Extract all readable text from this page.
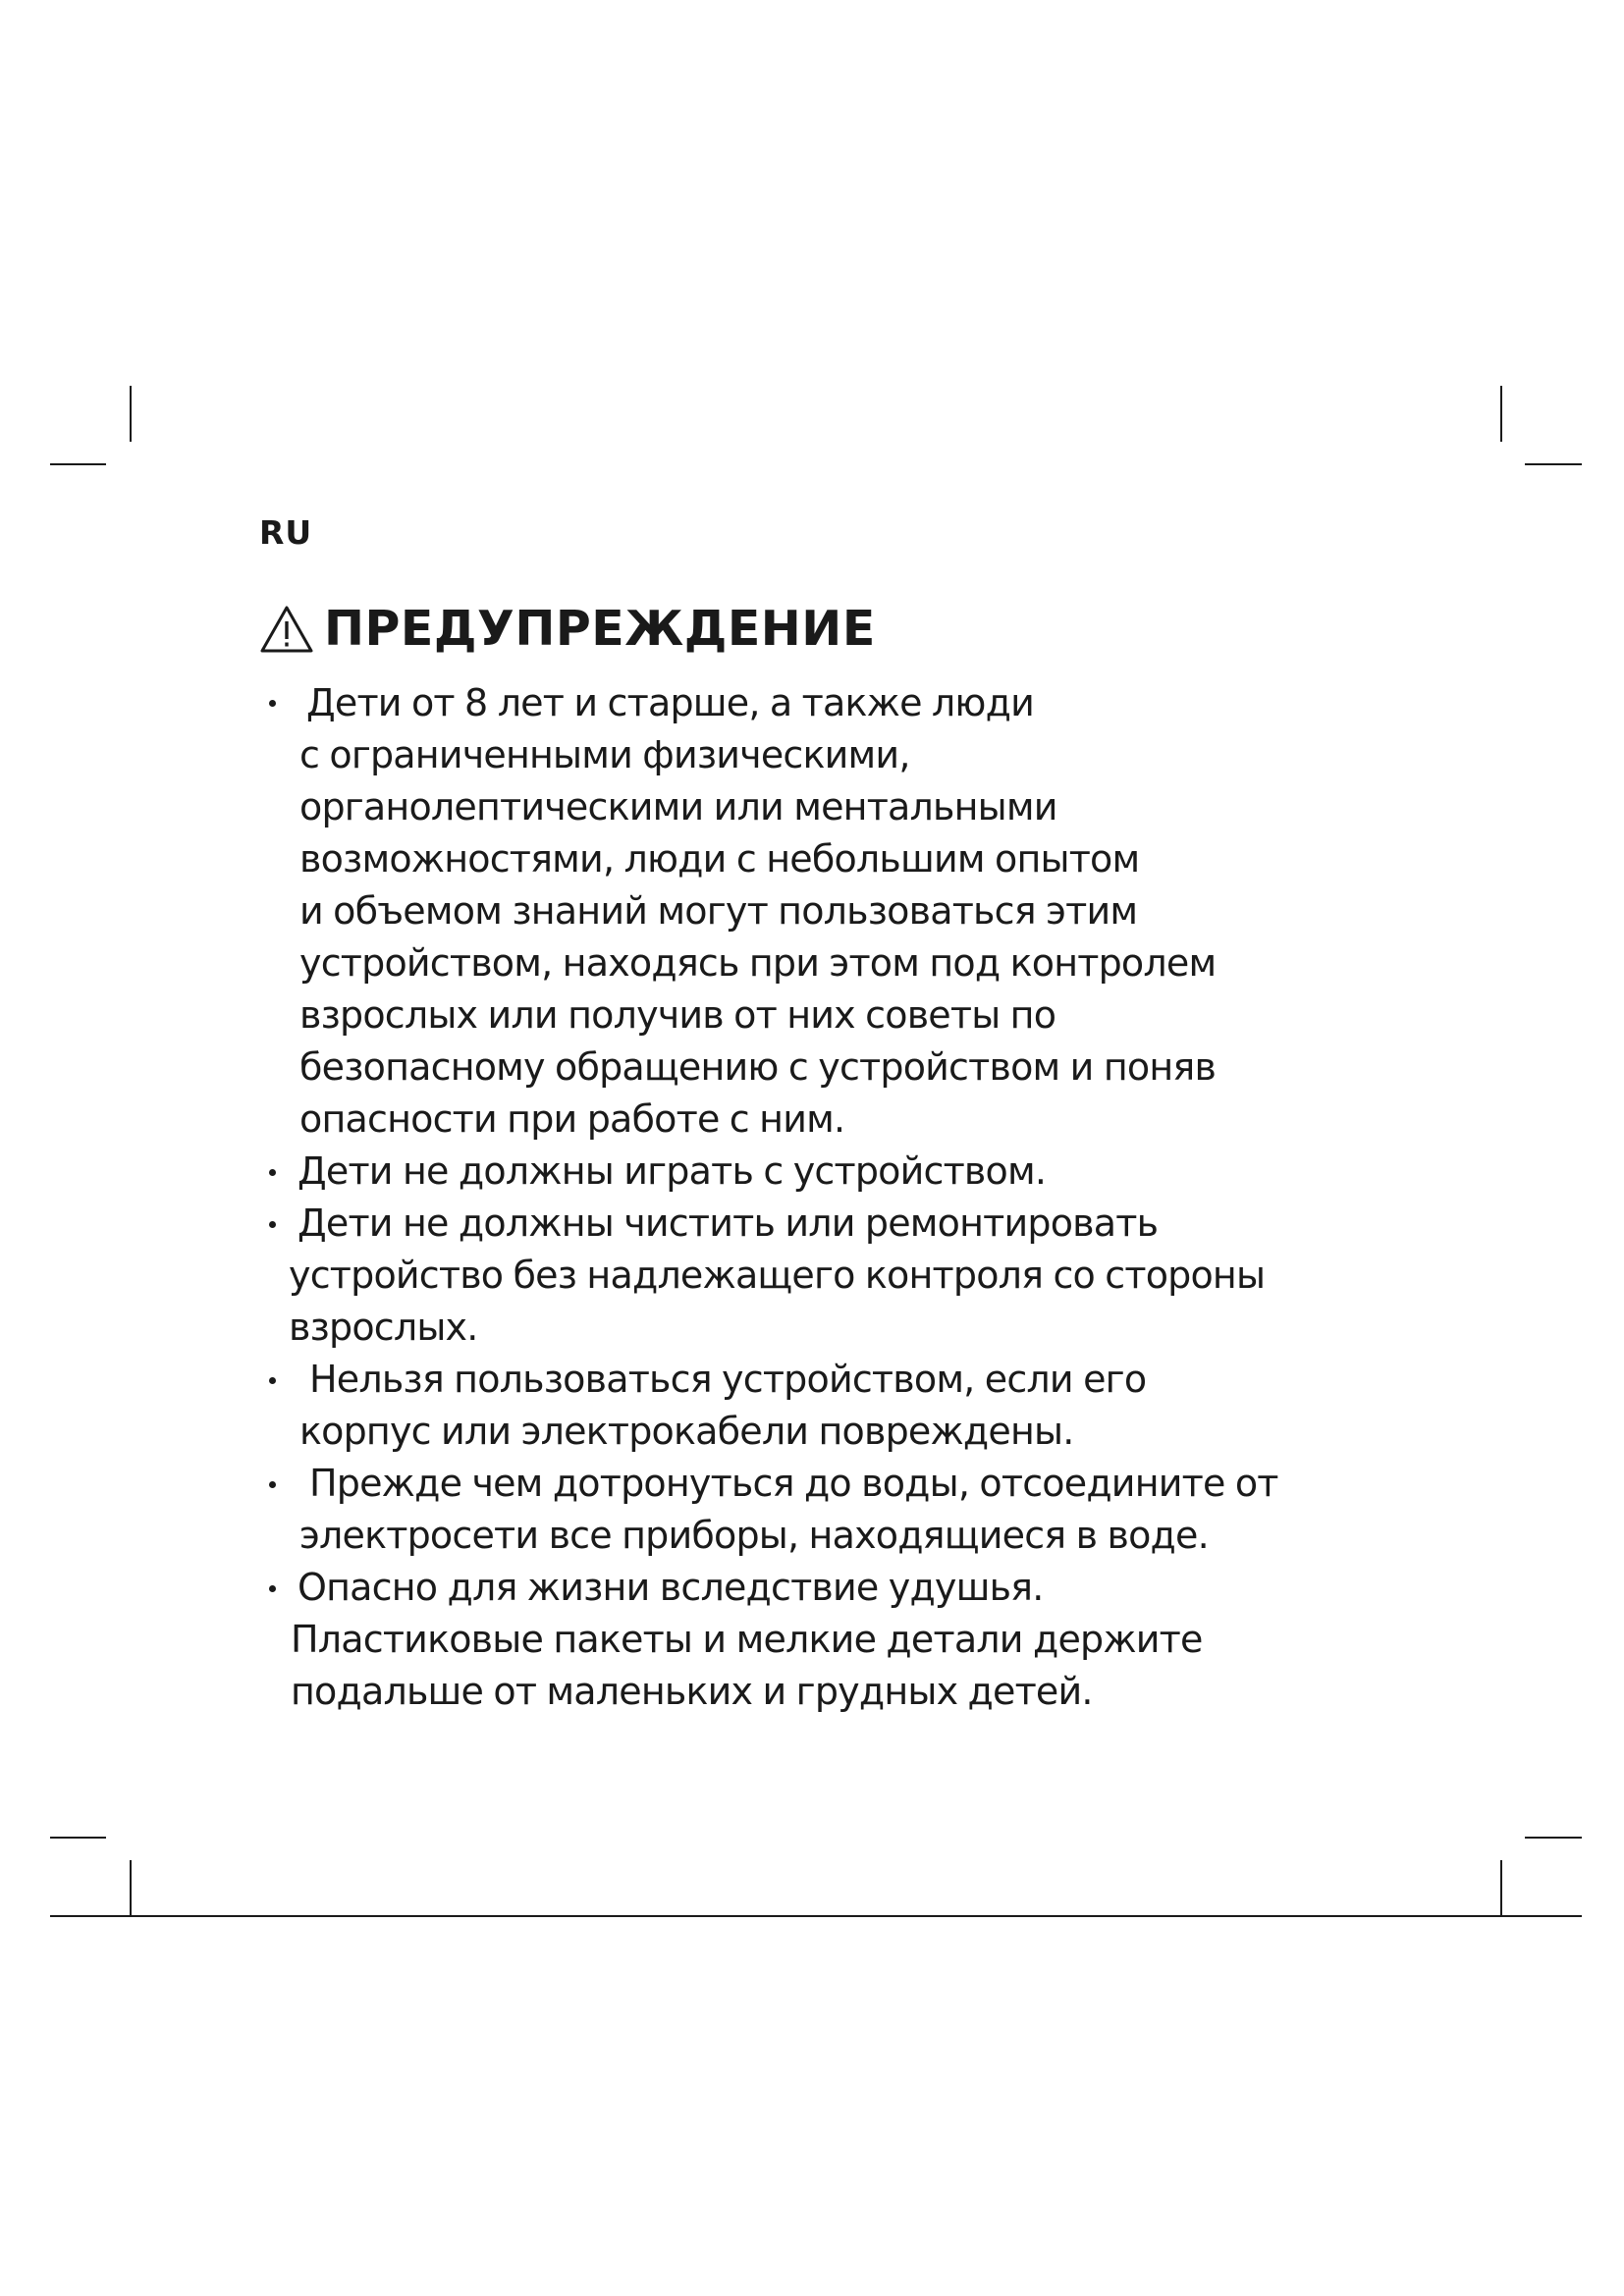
RU
ПРЕДУПРЕЖДЕНИЕ
Дети от 8 лет и старше, а также люди
с ограниченными физическими,
органолептическими или ментальными
возможностями, люди с небольшим опытом
и объемом знаний могут пользоваться этим
устройством, находясь при этом под контролем
взрослых или получив от них советы по
безопасному обращению с устройством и поняв
опасности при работе с ним.
Дети не должны играть с устройством.
Дети не должны чистить или ремонтировать
устройство без надлежащего контроля со стороны
взрослых.
Нельзя пользоваться устройством, если его
корпус или электрокабели повреждены.
Прежде чем дотронуться до воды, отсоедините от
электросети все приборы, находящиеся в воде.
Опасно для жизни вследствие удушья.
Пластиковые пакеты и мелкие детали держите
подальше от маленьких и грудных детей.
